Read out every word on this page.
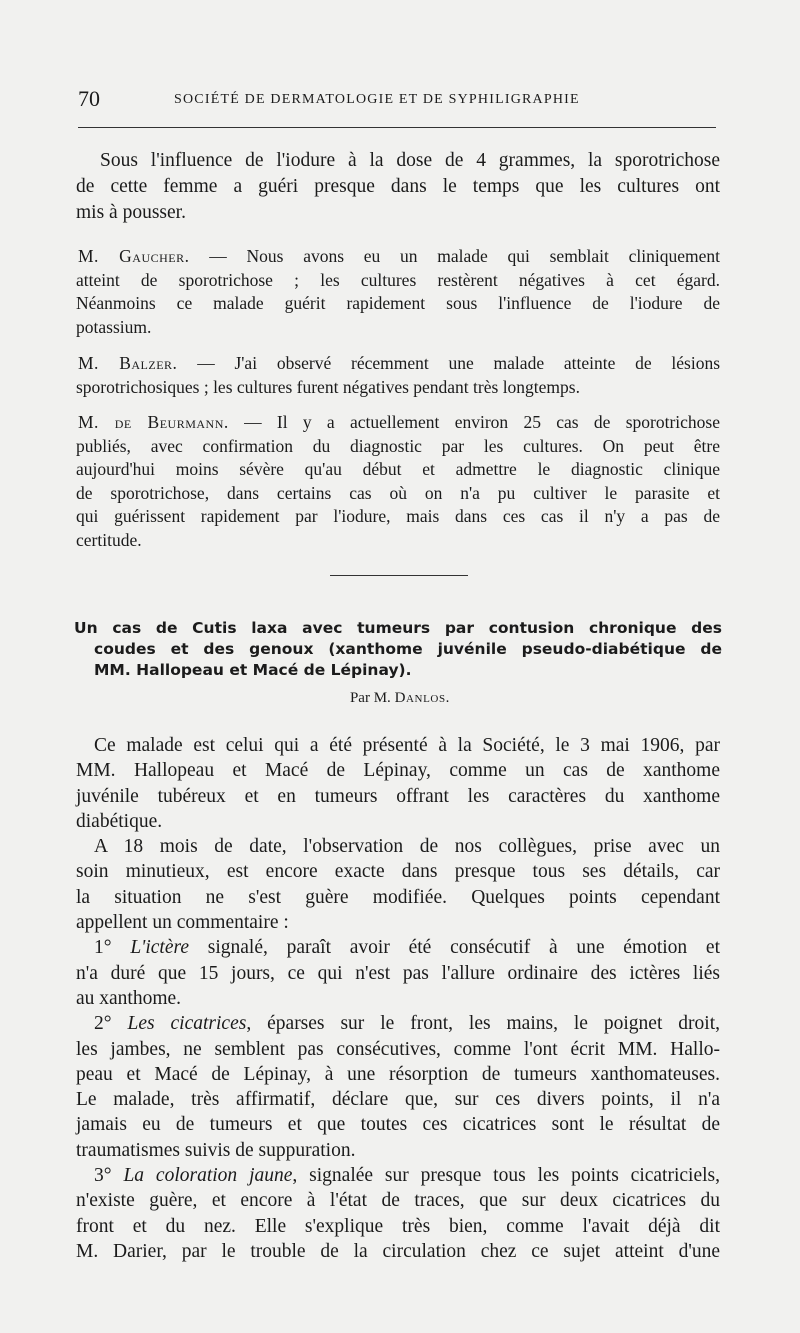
70	SOCIÉTÉ DE DERMATOLOGIE ET DE SYPHILIGRAPHIE
Sous l'influence de l'iodure à la dose de 4 grammes, la sporotrichose
de cette femme a guéri presque dans le temps que les cultures ont
mis à pousser.
M. Gaucher. — Nous avons eu un malade qui semblait cliniquement
atteint de sporotrichose ; les cultures restèrent négatives à cet égard.
Néanmoins ce malade guérit rapidement sous l'influence de l'iodure de
potassium.
M. Balzer. — J'ai observé récemment une malade atteinte de lésions
sporotrichosiques ; les cultures furent négatives pendant très longtemps.
M. de Beurmann. — Il y a actuellement environ 25 cas de sporotrichose
publiés, avec confirmation du diagnostic par les cultures. On peut être
aujourd'hui moins sévère qu'au début et admettre le diagnostic clinique
de sporotrichose, dans certains cas où on n'a pu cultiver le parasite et
qui guérissent rapidement par l'iodure, mais dans ces cas il n'y a pas de
certitude.
Un cas de Cutis laxa avec tumeurs par contusion chronique des
coudes et des genoux (xanthome juvénile pseudo-diabétique de
MM. Hallopeau et Macé de Lépinay).
Par M. Danlos.
Ce malade est celui qui a été présenté à la Société, le 3 mai 1906, par
MM. Hallopeau et Macé de Lépinay, comme un cas de xanthome
juvénile tubéreux et en tumeurs offrant les caractères du xanthome
diabétique.
A 18 mois de date, l'observation de nos collègues, prise avec un
soin minutieux, est encore exacte dans presque tous ses détails, car
la situation ne s'est guère modifiée. Quelques points cependant
appellent un commentaire :
1° L'ictère signalé, paraît avoir été consécutif à une émotion et
n'a duré que 15 jours, ce qui n'est pas l'allure ordinaire des ictères liés
au xanthome.
2° Les cicatrices, éparses sur le front, les mains, le poignet droit,
les jambes, ne semblent pas consécutives, comme l'ont écrit MM. Hallo-
peau et Macé de Lépinay, à une résorption de tumeurs xanthomateuses.
Le malade, très affirmatif, déclare que, sur ces divers points, il n'a
jamais eu de tumeurs et que toutes ces cicatrices sont le résultat de
traumatismes suivis de suppuration.
3° La coloration jaune, signalée sur presque tous les points cicatriciels,
n'existe guère, et encore à l'état de traces, que sur deux cicatrices du
front et du nez. Elle s'explique très bien, comme l'avait déjà dit
M. Darier, par le trouble de la circulation chez ce sujet atteint d'une
